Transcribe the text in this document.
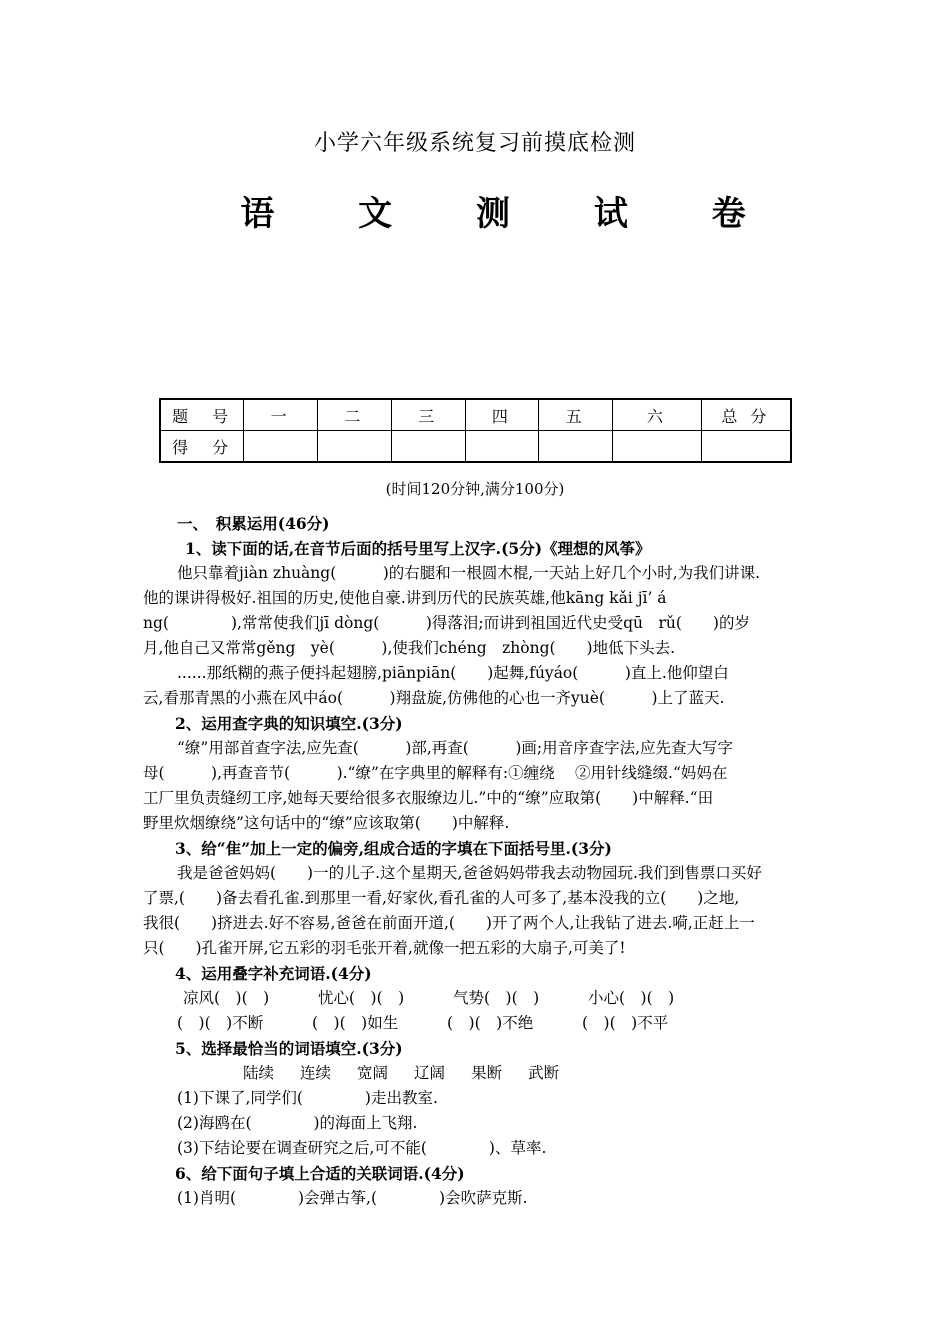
小学六年级系统复习前摸底检测
语 文 测 试 卷
题　号	一	二	三	四	五	六	总 分
得　分							
(时间120分钟,满分100分)

一、　积累运用(46分)

1、读下面的话,在音节后面的括号里写上汉字.(5分)《理想的风筝》

他只靠着jiàn zhuàng(　　　)的右腿和一根圆木棍,一天站上好几个小时,为我们讲课.

他的课讲得极好.祖国的历史,使他自豪.讲到历代的民族英雄,他kāng kǎi jī’ á

ng(　　　　),常常使我们jī dòng(　　　)得落泪;而讲到祖国近代史受qū　rǔ(　　)的岁

月,他自己又常常gěng　yè(　　　),使我们chéng　zhòng(　　)地低下头去.

......那纸糊的燕子便抖起翅膀,piānpiān(　　)起舞,fúyáo(　　　)直上.他仰望白

云,看那青黑的小燕在风中áo(　　　)翔盘旋,仿佛他的心也一齐yuè(　　　)上了蓝天.

2、运用查字典的知识填空.(3分)

“缭”用部首查字法,应先查(　　　)部,再查(　　　)画;用音序查字法,应先查大写字

母(　　　),再查音节(　　　).“缭”在字典里的解释有:①缠绕　 ②用针线缝缀.“妈妈在

工厂里负责缝纫工序,她每天要给很多衣服缭边儿.”中的“缭”应取第(　　)中解释.“田

野里炊烟缭绕”这句话中的“缭”应该取第(　　)中解释.

3、给“隹”加上一定的偏旁,组成合适的字填在下面括号里.(3分)

我是爸爸妈妈(　　)一的儿子.这个星期天,爸爸妈妈带我去动物园玩.我们到售票口买好

了票,(　　)备去看孔雀.到那里一看,好家伙,看孔雀的人可多了,基本没我的立(　　)之地,

我很(　　)挤进去.好不容易,爸爸在前面开道,(　　)开了两个人,让我钻了进去.嗬,正赶上一

只(　　)孔雀开屏,它五彩的羽毛张开着,就像一把五彩的大扇子,可美了!

4、运用叠字补充词语.(4分)

凉风(　)(　)	忧心(　)(　)	气势(　)(　)	小心(　)(　)

(　)(　)不断	(　)(　)如生	(　)(　)不绝	(　)(　)不平

5、选择最恰当的词语填空.(3分)

陆续 连续 宽阔 辽阔 果断 武断

(1)下课了,同学们(　　　　)走出教室.

(2)海鸥在(　　　　)的海面上飞翔.

(3)下结论要在调查研究之后,可不能(　　　　)、草率.

6、给下面句子填上合适的关联词语.(4分)

(1)肖明(　　　　)会弹古筝,(　　　　)会吹萨克斯.
